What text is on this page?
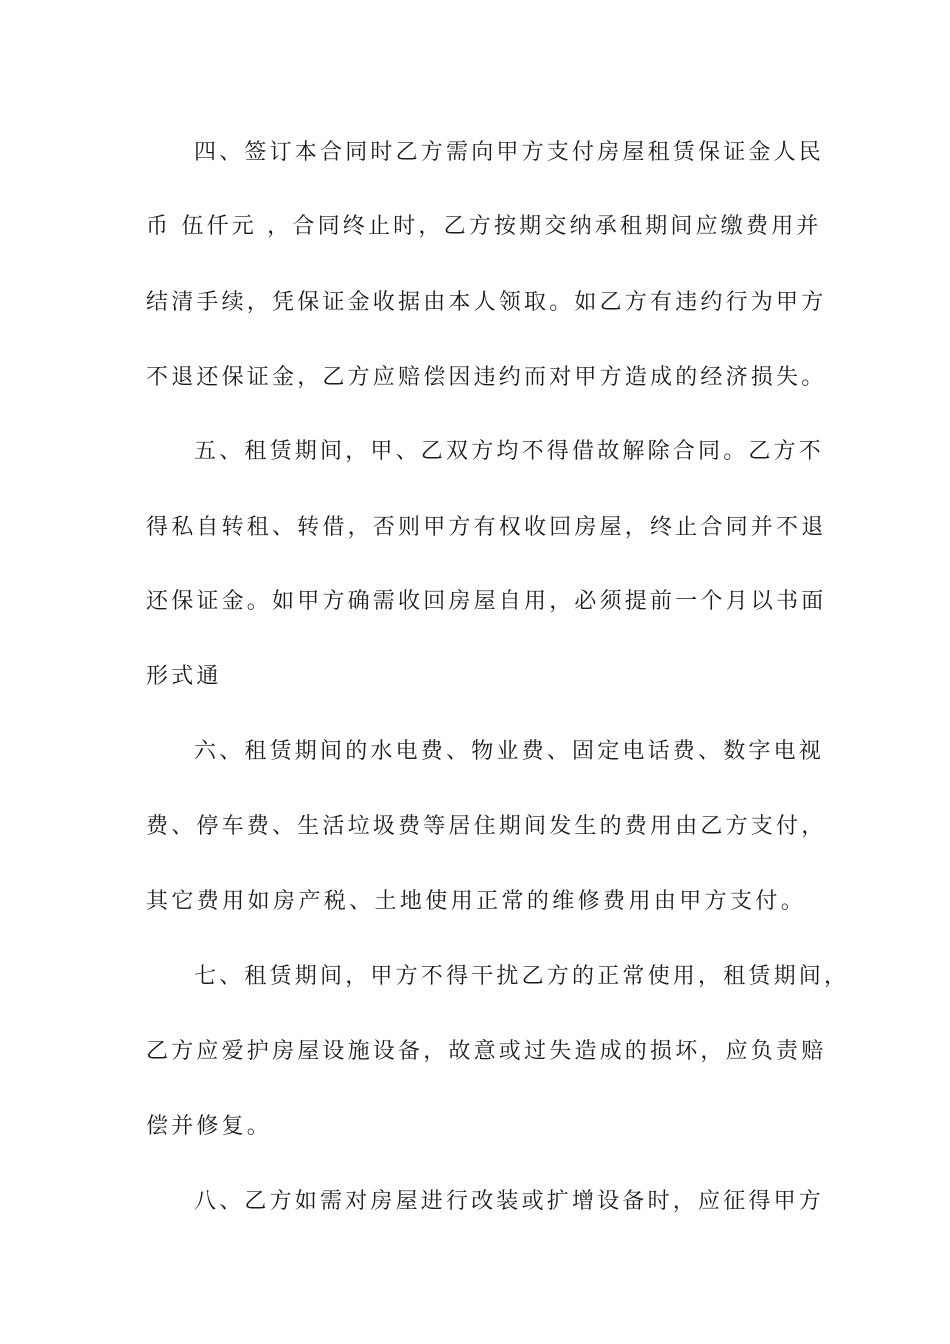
四、签订本合同时乙方需向甲方支付房屋租赁保证金人民
币 伍仟元 ，合同终止时，乙方按期交纳承租期间应缴费用并
结清手续，凭保证金收据由本人领取。如乙方有违约行为甲方
不退还保证金，乙方应赔偿因违约而对甲方造成的经济损失。
五、租赁期间，甲、乙双方均不得借故解除合同。乙方不
得私自转租、转借，否则甲方有权收回房屋，终止合同并不退
还保证金。如甲方确需收回房屋自用，必须提前一个月以书面
形式通
六、租赁期间的水电费、物业费、固定电话费、数字电视
费、停车费、生活垃圾费等居住期间发生的费用由乙方支付，
其它费用如房产税、土地使用正常的维修费用由甲方支付。
七、租赁期间，甲方不得干扰乙方的正常使用，租赁期间，
乙方应爱护房屋设施设备，故意或过失造成的损坏，应负责赔
偿并修复。
八、乙方如需对房屋进行改装或扩增设备时，应征得甲方
